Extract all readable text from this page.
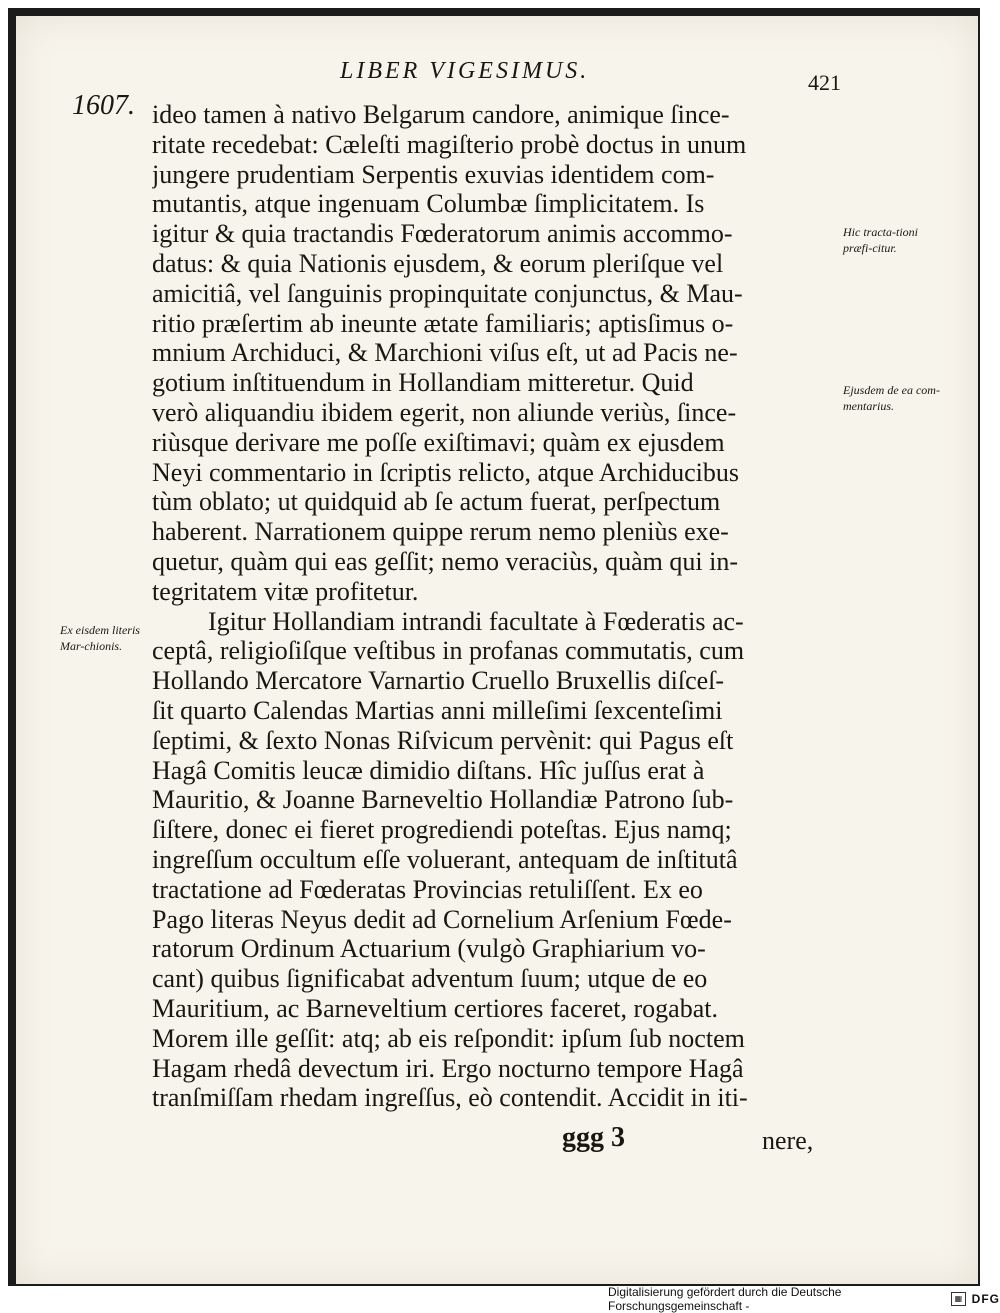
LIBER VIGESIMUS.	421
1607. ideo tamen à nativo Belgarum candore, animique ſince-
ritate recedebat: Cæleſti magiſterio probè doctus in unum
jungere prudentiam Serpentis exuvias identidem com-
mutantis, atque ingenuam Columbæ ſimplicitatem. Is
igitur & quia tractandis Fœderatorum animis accommo-
datus: & quia Nationis ejusdem, & eorum pleriſque vel
amicitiâ, vel ſanguinis propinquitate conjunctus, & Mau-
ritio præſertim ab ineunte ætate familiaris; aptisſimus o-
mnium Archiduci, & Marchioni viſus eſt, ut ad Pacis ne-
gotium inſtituendum in Hollandiam mitteretur. Quid
verò aliquandiu ibidem egerit, non aliunde veriùs, ſince-
riùsque derivare me poſſe exiſtimavi; quàm ex ejusdem
Neyi commentario in ſcriptis relicto, atque Archiducibus
tùm oblato; ut quidquid ab ſe actum fuerat, perſpectum
haberent. Narrationem quippe rerum nemo pleniùs exe-
quetur, quàm qui eas geſſit; nemo veraciùs, quàm qui in-
tegritatem vitæ profitetur.
Igitur Hollandiam intrandi facultate à Fœderatis ac-
ceptâ, religioſiſque veſtibus in profanas commutatis, cum
Hollando Mercatore Varnartio Cruello Bruxellis diſceſ-
ſit quarto Calendas Martias anni milleſimi ſexcenteſimi
ſeptimi, & ſexto Nonas Riſvicum pervènit: qui Pagus eſt
Hagâ Comitis leucæ dimidio diſtans. Hîc juſſus erat à
Mauritio, & Joanne Barneveltio Hollandiæ Patrono ſub-
ſiſtere, donec ei fieret progrediendi poteſtas. Ejus namq;
ingreſſum occultum eſſe voluerant, antequam de inſtitutâ
tractatione ad Fœderatas Provincias retuliſſent. Ex eo
Pago literas Neyus dedit ad Cornelium Arſenium Fœde-
ratorum Ordinum Actuarium (vulgò Graphiarium vo-
cant) quibus ſignificabat adventum ſuum; utque de eo
Mauritium, ac Barneveltium certiores faceret, rogabat.
Morem ille geſſit: atq; ab eis reſpondit: ipſum ſub noctem
Hagam rhedâ devectum iri. Ergo nocturno tempore Hagâ
tranſmiſſam rhedam ingreſſus, eò contendit. Accidit in iti-
Hic tracta-tioni præfi-citur.
Ejusdem de ea com-mentarius.
Ex eisdem literis Mar-chionis.
ggg 3	nere,
Digitalisierung gefördert durch die Deutsche Forschungsgemeinschaft -
▦ DFG
